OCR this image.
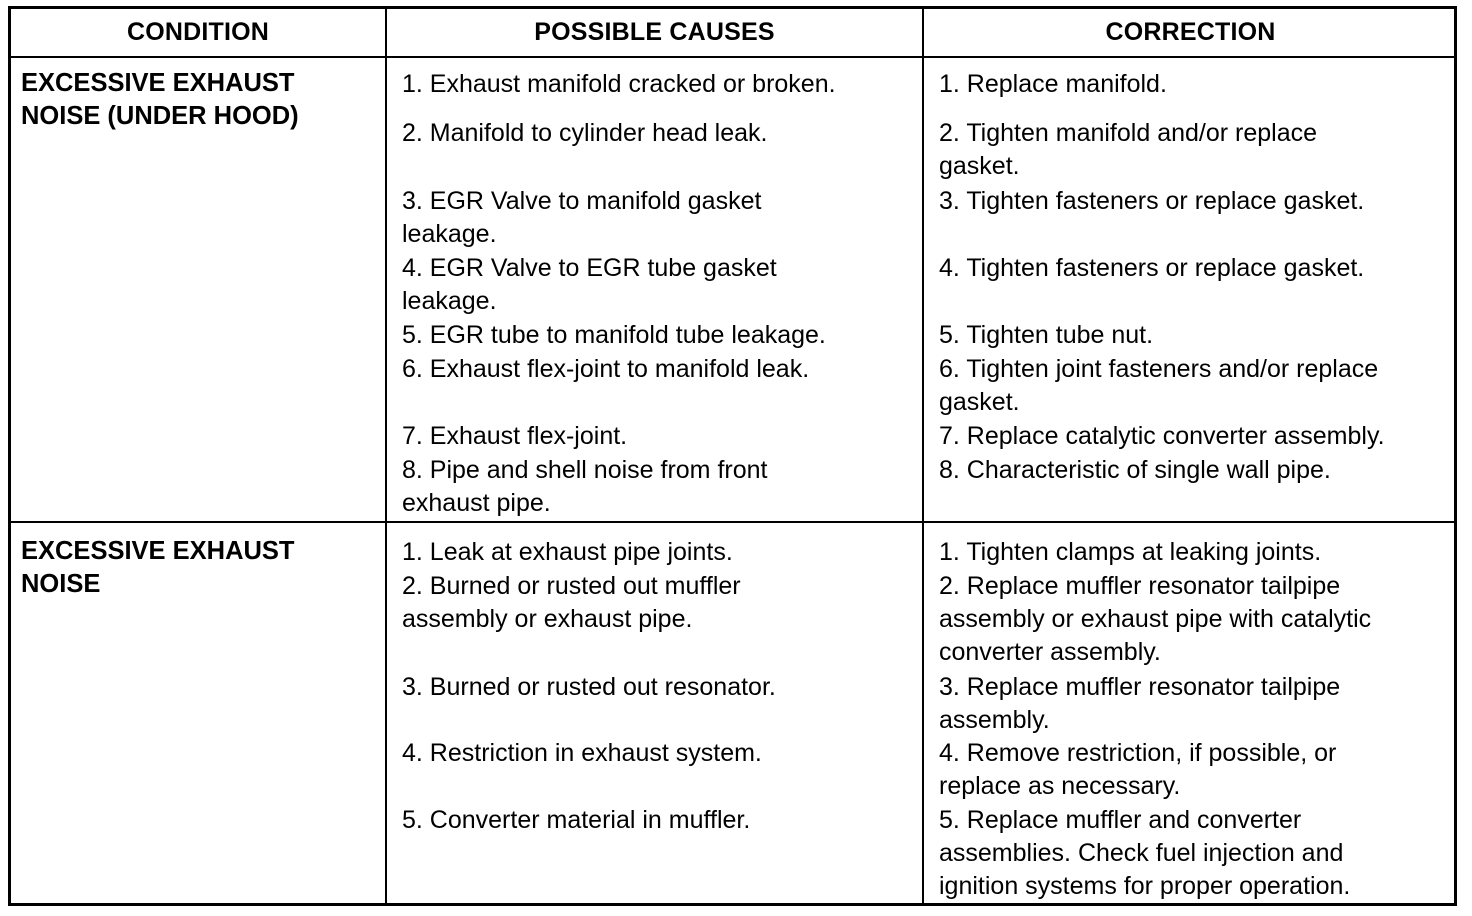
CONDITION	POSSIBLE CAUSES	CORRECTION
EXCESSIVE EXHAUST
NOISE (UNDER HOOD)
1. Exhaust manifold cracked or broken.
2. Manifold to cylinder head leak.
3. EGR Valve to manifold gasket
leakage.
4. EGR Valve to EGR tube gasket
leakage.
5. EGR tube to manifold tube leakage.
6. Exhaust flex-joint to manifold leak.
7. Exhaust flex-joint.
8. Pipe and shell noise from front
exhaust pipe.
1. Replace manifold.
2. Tighten manifold and/or replace
gasket.
3. Tighten fasteners or replace gasket.
4. Tighten fasteners or replace gasket.
5. Tighten tube nut.
6. Tighten joint fasteners and/or replace
gasket.
7. Replace catalytic converter assembly.
8. Characteristic of single wall pipe.
EXCESSIVE EXHAUST
NOISE
1. Leak at exhaust pipe joints.
2. Burned or rusted out muffler
assembly or exhaust pipe.
3. Burned or rusted out resonator.
4. Restriction in exhaust system.
5. Converter material in muffler.
1. Tighten clamps at leaking joints.
2. Replace muffler resonator tailpipe
assembly or exhaust pipe with catalytic
converter assembly.
3. Replace muffler resonator tailpipe
assembly.
4. Remove restriction, if possible, or
replace as necessary.
5. Replace muffler and converter
assemblies. Check fuel injection and
ignition systems for proper operation.
